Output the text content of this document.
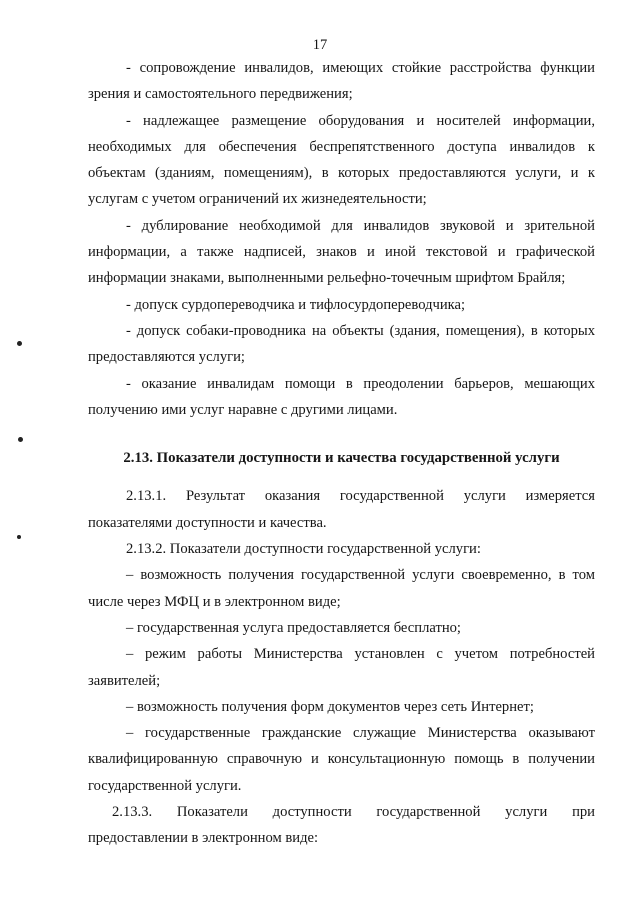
17

- сопровождение инвалидов, имеющих стойкие расстройства функции зрения и самостоятельного передвижения;

- надлежащее размещение оборудования и носителей информации, необходимых для обеспечения беспрепятственного доступа инвалидов к объектам (зданиям, помещениям), в которых предоставляются услуги, и к услугам с учетом ограничений их жизнедеятельности;

- дублирование необходимой для инвалидов звуковой и зрительной информации, а также надписей, знаков и иной текстовой и графической информации знаками, выполненными рельефно-точечным шрифтом Брайля;

- допуск сурдопереводчика и тифлосурдопереводчика;

- допуск собаки-проводника на объекты (здания, помещения), в которых предоставляются услуги;

- оказание инвалидам помощи в преодолении барьеров, мешающих получению ими услуг наравне с другими лицами.

2.13. Показатели доступности и качества государственной услуги

2.13.1. Результат оказания государственной услуги измеряется показателями доступности и качества.

2.13.2. Показатели доступности государственной услуги:

– возможность получения государственной услуги своевременно, в том числе через МФЦ и в электронном виде;

– государственная услуга предоставляется бесплатно;

– режим работы Министерства установлен с учетом потребностей заявителей;

– возможность получения форм документов через сеть Интернет;

– государственные гражданские служащие Министерства оказывают квалифицированную справочную и консультационную помощь в получении государственной услуги.

2.13.3. Показатели доступности государственной услуги при

предоставлении в электронном виде:
